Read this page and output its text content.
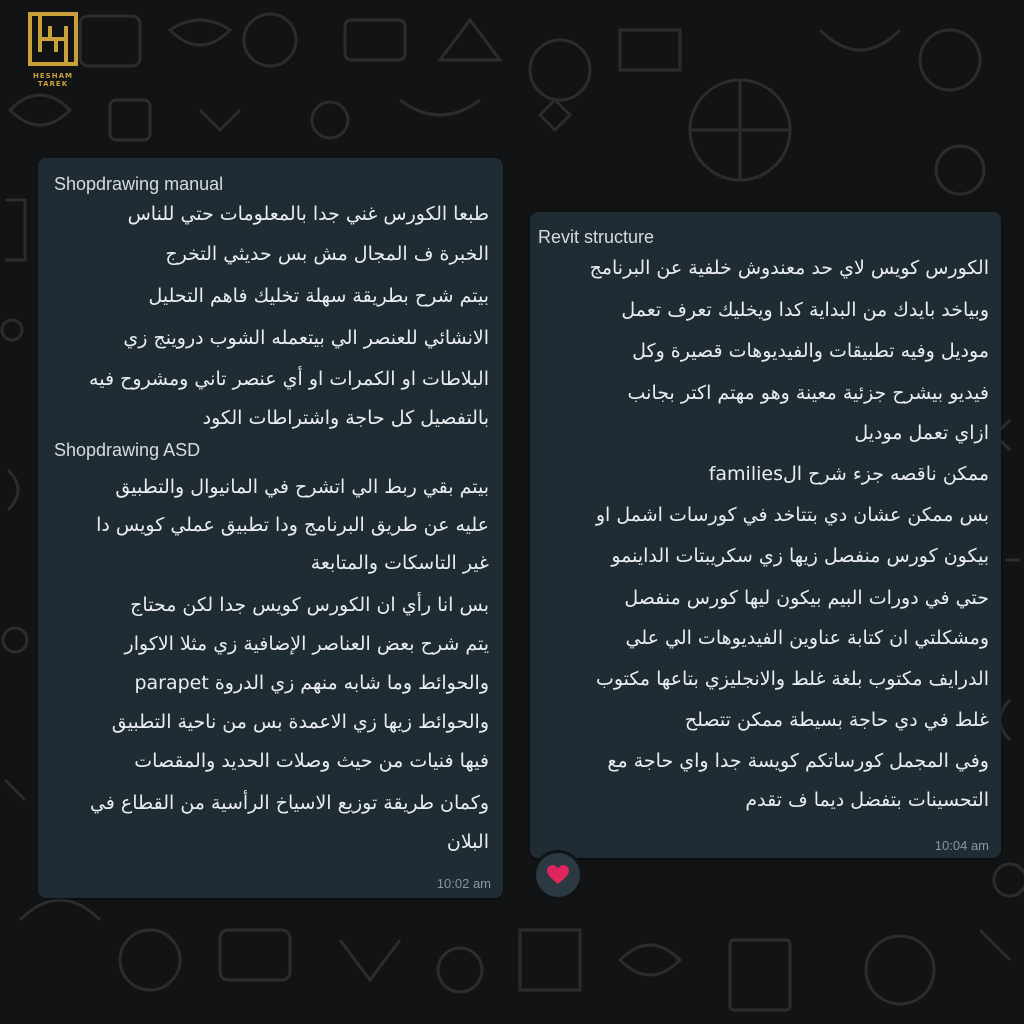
HESHAM TAREK
Shopdrawing manual
طبعا الكورس غني جدا بالمعلومات حتي للناس
الخبرة ف المجال مش بس حديثي التخرج
بيتم شرح بطريقة سهلة تخليك فاهم التحليل
الانشائي للعنصر الي بيتعمله الشوب دروينج زي
البلاطات او الكمرات او أي عنصر تاني ومشروح فيه
بالتفصيل كل حاجة واشتراطات الكود
Shopdrawing ASD
بيتم بقي ربط الي اتشرح في المانيوال والتطبيق
عليه عن طريق البرنامج ودا تطبيق عملي كويس دا
غير التاسكات والمتابعة
بس انا رأي ان الكورس كويس جدا لكن محتاج
يتم شرح بعض العناصر الإضافية زي مثلا الاكوار
والحوائط وما شابه منهم زي الدروة parapet
والحوائط زيها زي الاعمدة بس من ناحية التطبيق
فيها فنيات من حيث وصلات الحديد والمقصات
وكمان طريقة توزيع الاسياخ الرأسية من القطاع في
البلان
10:02 am
Revit structure
الكورس كويس لاي حد معندوش خلفية عن البرنامج
وبياخد بايدك من البداية كدا ويخليك تعرف تعمل
موديل وفيه تطبيقات والفيديوهات قصيرة وكل
فيديو بيشرح جزئية معينة وهو مهتم اكتر بجانب
ازاي تعمل موديل
ممكن ناقصه جزء شرح الfamilies
بس ممكن عشان دي بتتاخد في كورسات اشمل او
بيكون كورس منفصل زيها زي سكريبتات الداينمو
حتي في دورات البيم بيكون ليها كورس منفصل
ومشكلتي ان كتابة عناوين الفيديوهات الي علي
الدرايف مكتوب بلغة غلط والانجليزي بتاعها مكتوب
غلط في دي حاجة بسيطة ممكن تتصلح
وفي المجمل كورساتكم كويسة جدا واي حاجة مع
التحسينات بتفضل ديما ف تقدم
10:04 am
